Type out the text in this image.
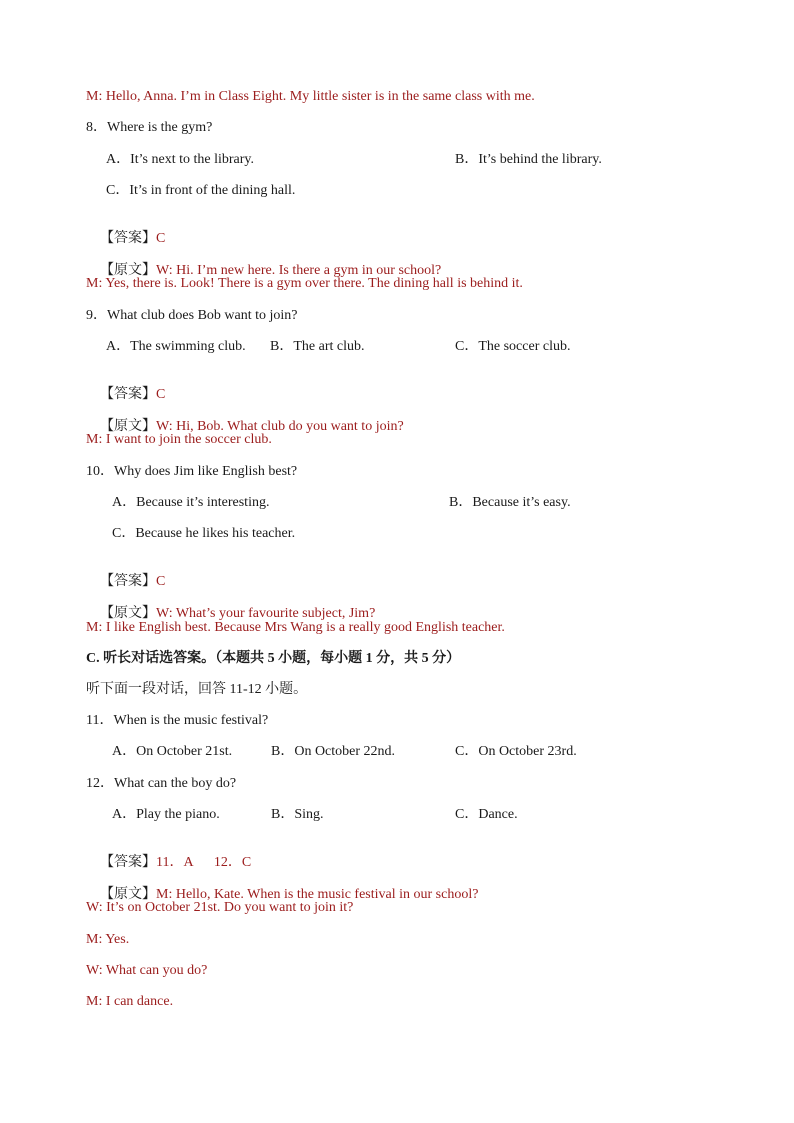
M: Hello, Anna. I’m in Class Eight. My little sister is in the same class with me.
8．Where is the gym?
A．It’s next to the library.	B．It’s behind the library.
C．It’s in front of the dining hall.

【答案】C

【原文】W: Hi. I’m new here. Is there a gym in our school?

M: Yes, there is. Look! There is a gym over there. The dining hall is behind it.
9．What club does Bob want to join?
A．The swimming club. B．The art club.	C．The soccer club.

【答案】C

【原文】W: Hi, Bob. What club do you want to join?

M: I want to join the soccer club.
10．Why does Jim like English best?
A．Because it’s interesting.	B．Because it’s easy.
C．Because he likes his teacher.

【答案】C

【原文】W: What’s your favourite subject, Jim?

M: I like English best. Because Mrs Wang is a really good English teacher.
C. 听长对话选答案。（本题共 5 小题，每小题 1 分，共 5 分）
听下面一段对话，回答 11-12 小题。
11．When is the music festival?
A．On October 21st.	B．On October 22nd.	C．On October 23rd.
12．What can the boy do?
A．Play the piano.	B．Sing.	C．Dance.

【答案】11．A      12．C

【原文】M: Hello, Kate. When is the music festival in our school?

W: It’s on October 21st. Do you want to join it?
M: Yes.
W: What can you do?
M: I can dance.
